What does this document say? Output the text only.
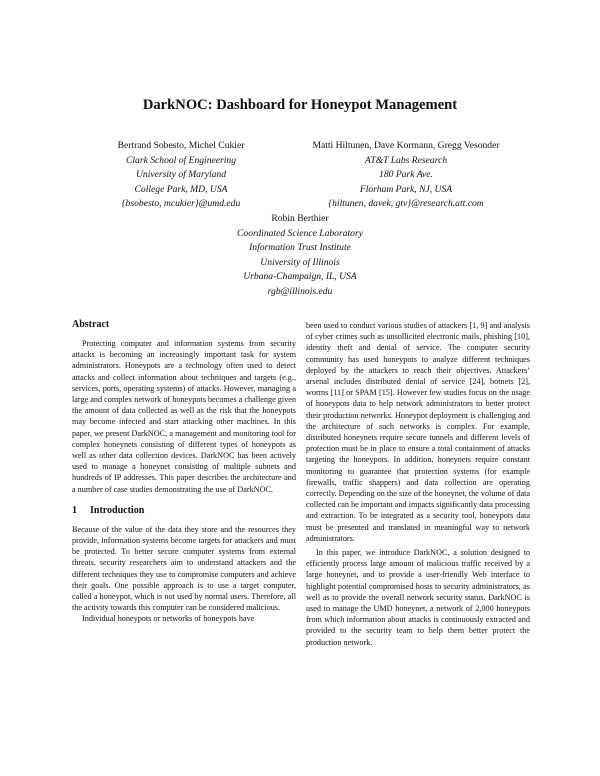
DarkNOC: Dashboard for Honeypot Management
Bertrand Sobesto, Michel Cukier
Clark School of Engineering
University of Maryland
College Park, MD, USA
{bsobesto, mcukier}@umd.edu
Matti Hiltunen, Dave Kormann, Gregg Vesonder
AT&T Labs Research
180 Park Ave.
Florham Park, NJ, USA
{hiltunen, davek, gtv}@research.att.com
Robin Berthier
Coordinated Science Laboratory
Information Trust Institute
University of Illinois
Urbana-Champaign, IL, USA
rgb@illinois.edu
Abstract

Protecting computer and information systems from security attacks is becoming an increasingly important task for system administrators. Honeypots are a technology often used to detect attacks and collect information about techniques and targets (e.g., services, ports, operating systems) of attacks. However, managing a large and complex network of honeypots becomes a challenge given the amount of data collected as well as the risk that the honeypots may become infected and start attacking other machines. In this paper, we present DarkNOC, a management and monitoring tool for complex honeynets consisting of different types of honeypots as well as other data collection devices. DarkNOC has been actively used to manage a honeynet consisting of multiple subnets and hundreds of IP addresses. This paper describes the architecture and a number of case studies demonstrating the use of DarkNOC.

1 Introduction

Because of the value of the data they store and the resources they provide, information systems become targets for attackers and must be protected. To better secure computer systems from external threats, security researchers aim to understand attackers and the different techniques they use to compromise computers and achieve their goals. One possible approach is to use a target computer, called a honeypot, which is not used by normal users. Therefore, all the activity towards this computer can be considered malicious.

Individual honeypots or networks of honeypots have

been used to conduct various studies of attackers [1, 9] and analysis of cyber crimes such as unsollicited electronic mails, phishing [10], identity theft and denial of service. The computer security community has used honeypots to analyze different techniques deployed by the attackers to reach their objectives. Attackers’ arsenal includes distributed denial of service [24], botnets [2], worms [11] or SPAM [15]. However few studies focus on the usage of honeypots data to help network administrators to better protect their production networks. Honeypot deployment is challenging and the architecture of such networks is complex. For example, distributed honeynets require secure tunnels and different levels of protection must be in place to ensure a total containment of attacks targeting the honeypots. In addition, honeynets require constant monitoring to guarantee that protection systems (for example firewalls, traffic shappers) and data collection are operating correctly. Depending on the size of the honeynet, the volume of data collected can be important and impacts significantly data processing and extraction. To be integrated as a security tool, honeypots data must be presented and translated in meaningful way to network administrators.

In this paper, we introduce DarkNOC, a solution designed to efficiently process large amount of malicious traffic received by a large honeynet, and to provide a user-friendly Web interface to highlight potential compromised hosts to security administrators, as well as to provide the overall network security status. DarkNOC is used to manage the UMD honeynet, a network of 2,000 honeypots from which information about attacks is continuously extracted and provided to the security team to help them better protect the production network.
